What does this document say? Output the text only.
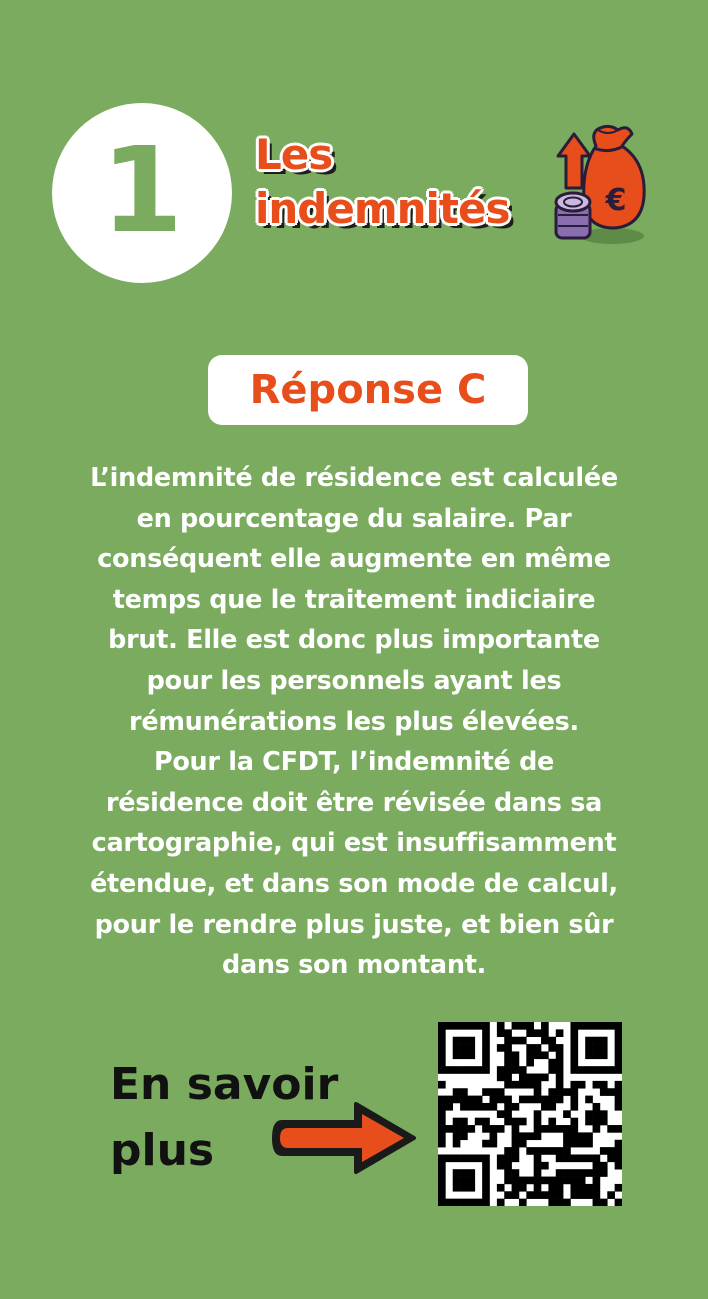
1 Les
indemnités	€
Réponse C

L’indemnité de résidence est calculée
en pourcentage du salaire. Par
conséquent elle augmente en même
temps que le traitement indiciaire
brut. Elle est donc plus importante
pour les personnels ayant les
rémunérations les plus élevées.
Pour la CFDT, l’indemnité de
résidence doit être révisée dans sa
cartographie, qui est insuffisamment
étendue, et dans son mode de calcul,
pour le rendre plus juste, et bien sûr
dans son montant.

En savoir
plus
